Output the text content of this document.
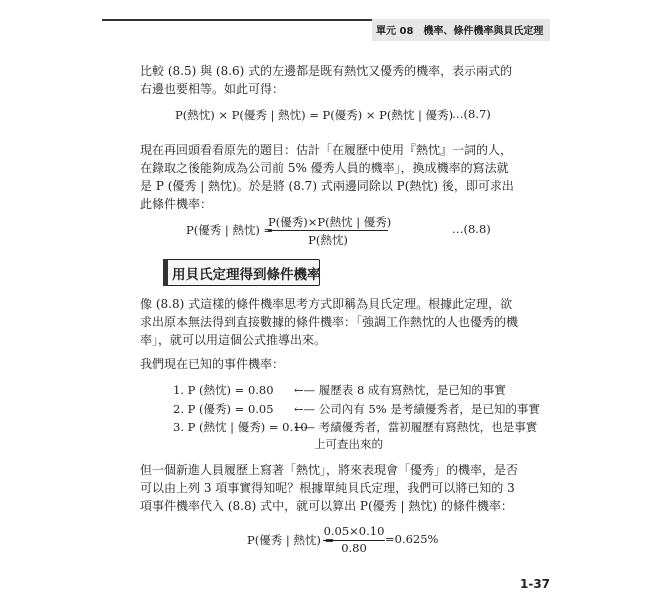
單元 08　機率、條件機率與貝氏定理

比較 (8.5) 與 (8.6) 式的左邊都是既有熱忱又優秀的機率，表示兩式的右邊也要相等。如此可得：

P(熱忱) × P(優秀 | 熱忱) = P(優秀) × P(熱忱 | 優秀)
…(8.7)

現在再回頭看看原先的題目：估計「在履歷中使用『熱忱』一詞的人，在錄取之後能夠成為公司前 5% 優秀人員的機率」，換成機率的寫法就是 P (優秀 | 熱忱)。於是將 (8.7) 式兩邊同除以 P(熱忱) 後，即可求出此條件機率：

P(優秀 | 熱忱) =
P(優秀)×P(熱忱 | 優秀)
P(熱忱)
…(8.8)
用貝氏定理得到條件機率

像 (8.8) 式這樣的條件機率思考方式即稱為貝氏定理。根據此定理，欲求出原本無法得到直接數據的條件機率：「強調工作熱忱的人也優秀的機率」，就可以用這個公式推導出來。

我們現在已知的事件機率：

1. P (熱忱) = 0.80 ←— 履歷表 8 成有寫熱忱，是已知的事實
2. P (優秀) = 0.05 ←— 公司內有 5% 是考績優秀者，是已知的事實
3. P (熱忱 | 優秀) = 0.10
←— 考績優秀者，當初履歷有寫熱忱，也是事實
上可查出來的

但一個新進人員履歷上寫著「熱忱」，將來表現會「優秀」的機率，是否可以由上列 3 項事實得知呢？根據單純貝氏定理，我們可以將已知的 3 項事件機率代入 (8.8) 式中，就可以算出 P(優秀 | 熱忱) 的條件機率：

P(優秀 | 熱忱) =
0.05×0.10
0.80
=0.625%
1-37
